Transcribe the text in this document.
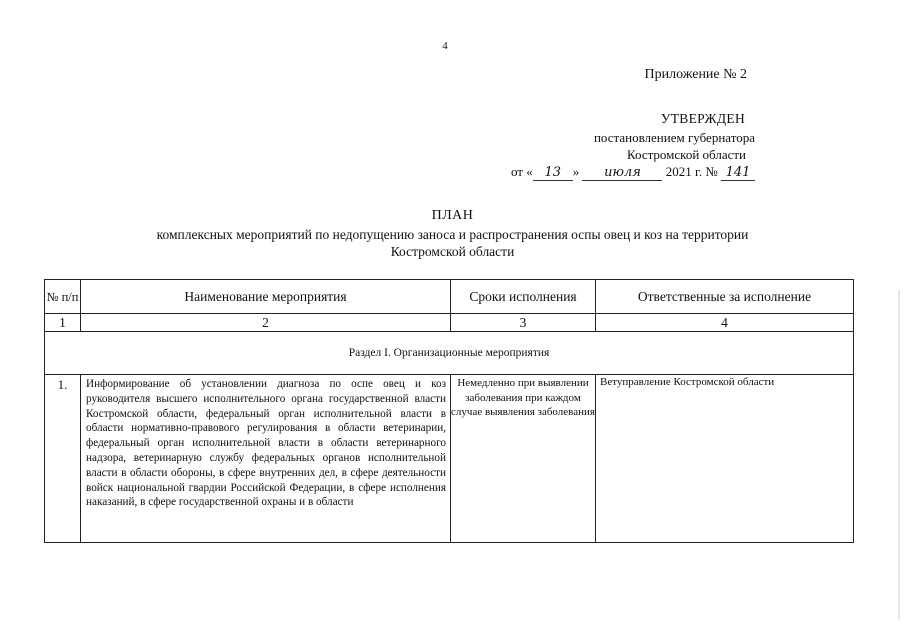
4
Приложение № 2
УТВЕРЖДЕН
постановлением губернатора
Костромской области
от « 13 » июля 2021 г. № 141
ПЛАН
комплексных мероприятий по недопущению заноса и распространения оспы овец и коз на территории
Костромской области
№ п/п	Наименование мероприятия	Сроки исполнения	Ответственные за исполнение
1	2	3	4
Раздел I. Организационные мероприятия			
1.	Информирование об установлении диагноза по оспе овец и коз руководителя высшего исполнительного органа государственной власти Костромской области, федеральный орган исполнительной власти в области нормативно-правового регулирования в области ветеринарии, федеральный орган исполнительной власти в области ветеринарного надзора, ветеринарную службу федеральных органов исполнительной власти в области обороны, в сфере внутренних дел, в сфере деятельности войск национальной гвардии Российской Федерации, в сфере исполнения наказаний, в сфере государственной охраны и в области	Немедленно при выявлении заболевания при каждом случае выявления заболевания	Ветуправление Костромской области
